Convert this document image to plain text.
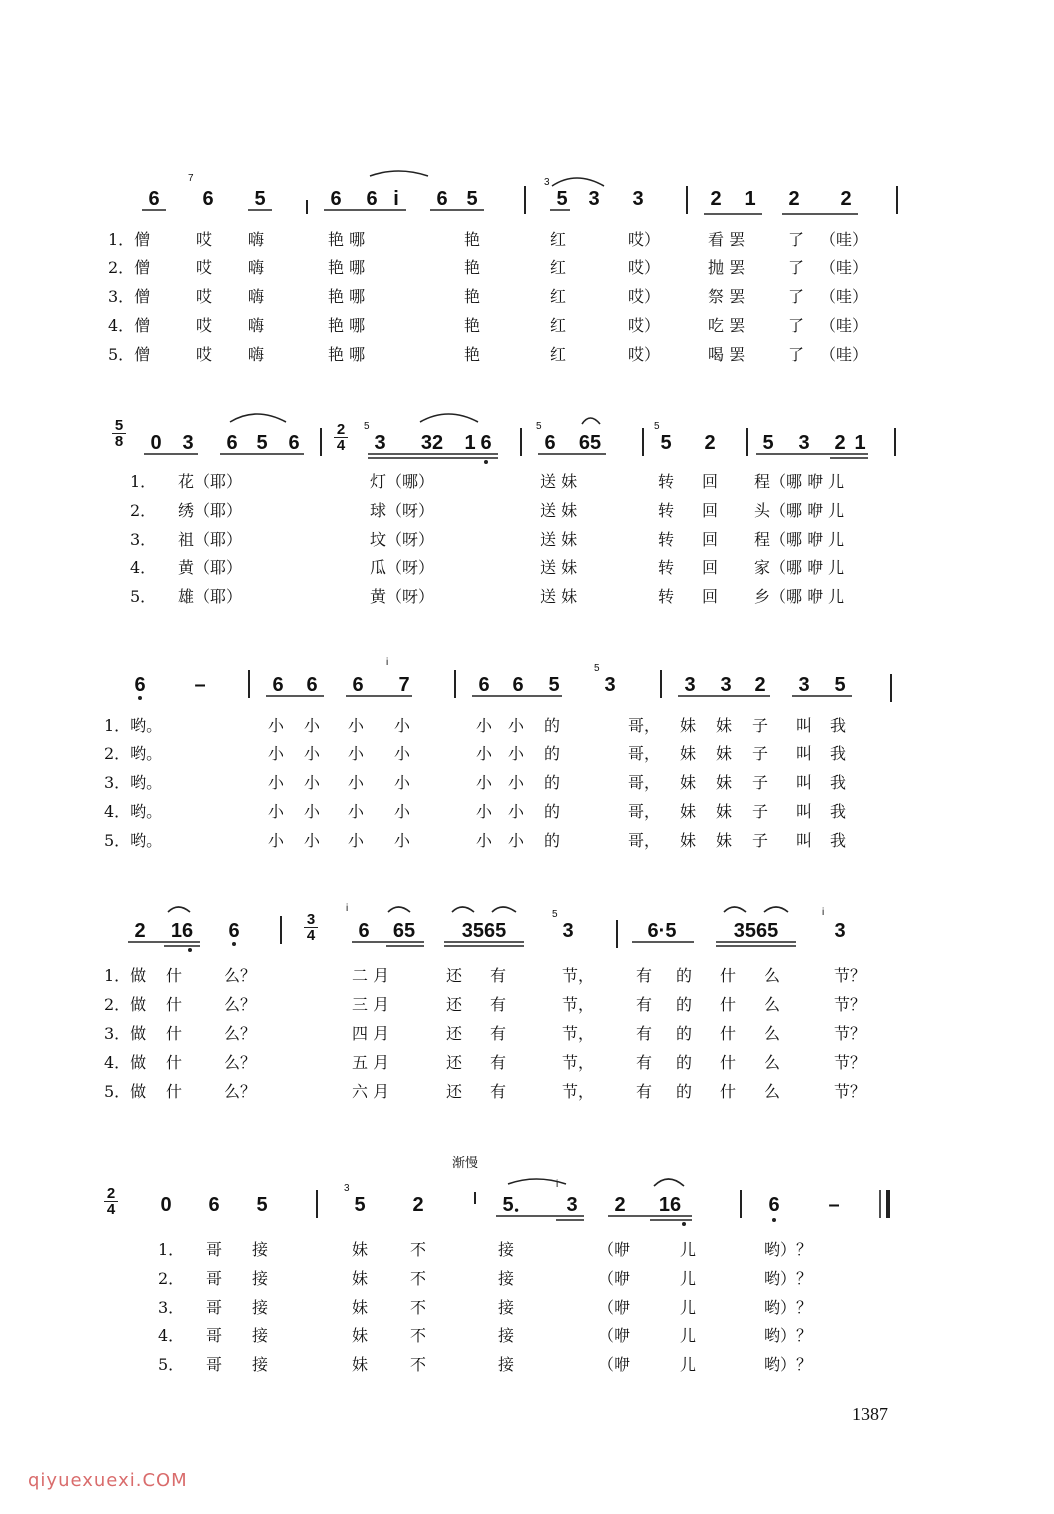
6
7
6	5	6	6 i	6 5
3
5	3	3	2	1	2	2
1．僧	哎 嗨	艳 哪	艳	红	哎）	看 罢	了 （哇）
2．僧	哎 嗨	艳 哪	艳	红	哎）	抛 罢	了 （哇）
3．僧	哎 嗨	艳 哪	艳	红	哎）	祭 罢	了 （哇）
4．僧	哎 嗨	艳 哪	艳	红	哎）	吃 罢	了 （哇）
5．僧	哎 嗨	艳 哪	艳	红	哎）	喝 罢	了 （哇）
5
8
2
4
0	3	6 5	6
5
3	32	1 6
5
6	65
5
5	2	5	3	2 1
1． 花（耶）	灯（哪）	送 妹	转 回 程（哪 咿 儿
2． 绣（耶）	球（呀）	送 妹	转 回 头（哪 咿 儿
3． 祖（耶）	坟（呀）	送 妹	转 回 程（哪 咿 儿
4． 黄（耶）	瓜（呀）	送 妹	转 回 家（哪 咿 儿
5． 雄（耶）	黄（呀）	送 妹	转 回 乡（哪 咿 儿
6	–	6	6	6
i
7	6	6	5
5
3	3	3	2	3	5
1．哟。	小 小 小 小	小 小 的	哥， 妹 妹 子 叫 我
2．哟。	小 小 小 小	小 小 的	哥， 妹 妹 子 叫 我
3．哟。	小 小 小 小	小 小 的	哥， 妹 妹 子 叫 我
4．哟。	小 小 小 小	小 小 的	哥， 妹 妹 子 叫 我
5．哟。	小 小 小 小	小 小 的	哥， 妹 妹 子 叫 我
3
4
2	16	6
i
6	65	3565
5
3	6·5	3565
i
3
1．做 什	么？	二 月	还 有	节，	有 的 什 么	节？
2．做 什	么？	三 月	还 有	节，	有 的 什 么	节？
3．做 什	么？	四 月	还 有	节，	有 的 什 么	节？
4．做 什	么？	五 月	还 有	节，	有 的 什 么	节？
5．做 什	么？	六 月	还 有	节，	有 的 什 么	节？
渐慢
2
4	0	6	5
3
5	2	5．	3	2
i
16	6	–
1． 哥 接	妹	不	接	（咿	儿	哟）？
2． 哥 接	妹	不	接	（咿	儿	哟）？
3． 哥 接	妹	不	接	（咿	儿	哟）？
4． 哥 接	妹	不	接	（咿	儿	哟）？
5． 哥 接	妹	不	接	（咿	儿	哟）？
1387
qiyuexuexi.COM
